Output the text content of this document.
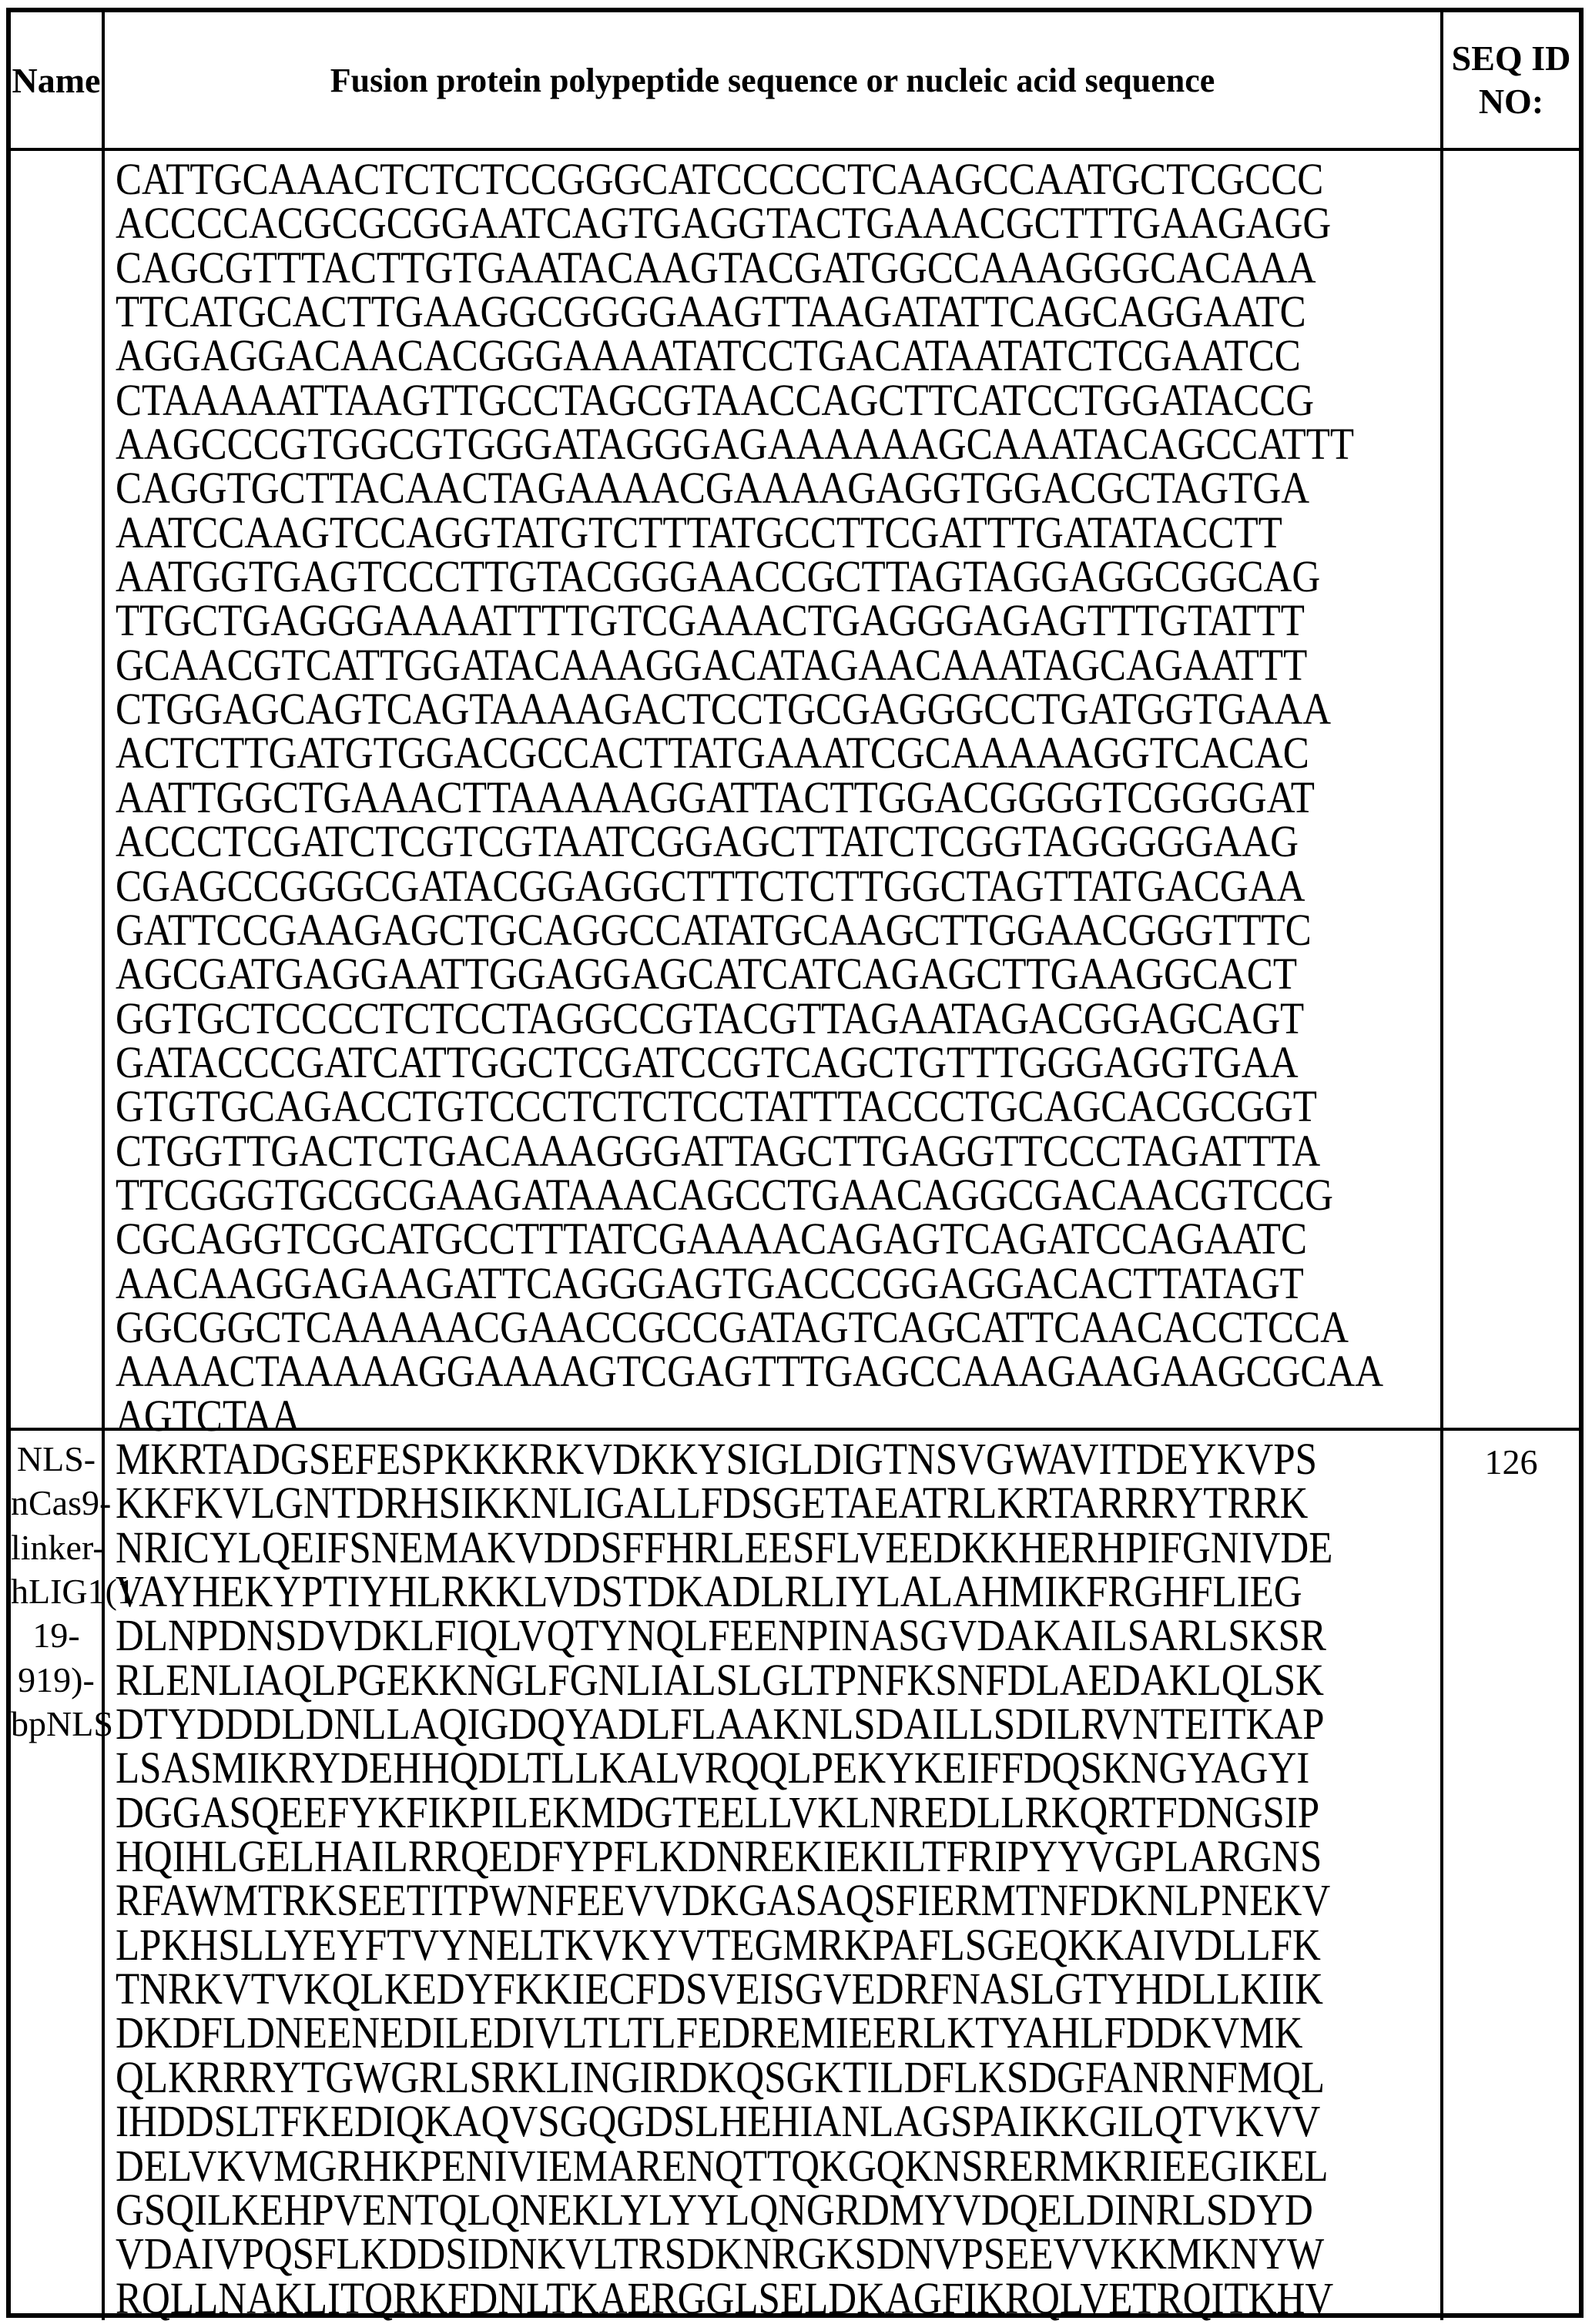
Name	Fusion protein polypeptide sequence or nucleic acid sequence
SEQ ID NO:
CATTGCAAACTCTCTCCGGGCATCCCCCTCAAGCCAATGCTCGCCC
ACCCCACGCGCGGAATCAGTGAGGTACTGAAACGCTTTGAAGAGG
CAGCGTTTACTTGTGAATACAAGTACGATGGCCAAAGGGCACAAA
TTCATGCACTTGAAGGCGGGGAAGTTAAGATATTCAGCAGGAATC
AGGAGGACAACACGGGAAAATATCCTGACATAATATCTCGAATCC
CTAAAAATTAAGTTGCCTAGCGTAACCAGCTTCATCCTGGATACCG
AAGCCCGTGGCGTGGGATAGGGAGAAAAAAGCAAATACAGCCATTT
CAGGTGCTTACAACTAGAAAACGAAAAGAGGTGGACGCTAGTGA
AATCCAAGTCCAGGTATGTCTTTATGCCTTCGATTTGATATACCTT
AATGGTGAGTCCCTTGTACGGGAACCGCTTAGTAGGAGGCGGCAG
TTGCTGAGGGAAAATTTTGTCGAAACTGAGGGAGAGTTTGTATTT
GCAACGTCATTGGATACAAAGGACATAGAACAAATAGCAGAATTT
CTGGAGCAGTCAGTAAAAGACTCCTGCGAGGGCCTGATGGTGAAA
ACTCTTGATGTGGACGCCACTTATGAAATCGCAAAAAGGTCACAC
AATTGGCTGAAACTTAAAAAGGATTACTTGGACGGGGTCGGGGAT
ACCCTCGATCTCGTCGTAATCGGAGCTTATCTCGGTAGGGGGAAG
CGAGCCGGGCGATACGGAGGCTTTCTCTTGGCTAGTTATGACGAA
GATTCCGAAGAGCTGCAGGCCATATGCAAGCTTGGAACGGGTTTC
AGCGATGAGGAATTGGAGGAGCATCATCAGAGCTTGAAGGCACT
GGTGCTCCCCTCTCCTAGGCCGTACGTTAGAATAGACGGAGCAGT
GATACCCGATCATTGGCTCGATCCGTCAGCTGTTTGGGAGGTGAA
GTGTGCAGACCTGTCCCTCTCTCCTATTTACCCTGCAGCACGCGGT
CTGGTTGACTCTGACAAAGGGATTAGCTTGAGGTTCCCTAGATTTA
TTCGGGTGCGCGAAGATAAACAGCCTGAACAGGCGACAACGTCCG
CGCAGGTCGCATGCCTTTATCGAAAACAGAGTCAGATCCAGAATC
AACAAGGAGAAGATTCAGGGAGTGACCCGGAGGACACTTATAGT
GGCGGCTCAAAAACGAACCGCCGATAGTCAGCATTCAACACCTCCA
AAAACTAAAAAGGAAAAGTCGAGTTTGAGCCAAAGAAGAAGCGCAA
AGTCTAA
NLS-
nCas9-
linker-
hLIG1(1
19-919)-
bpNLS
MKRTADGSEFESPKKKRKVDKKYSIGLDIGTNSVGWAVITDEYKVPS
KKFKVLGNTDRHSIKKNLIGALLFDSGETAEATRLKRTARRRYTRRK
NRICYLQEIFSNEMAKVDDSFFHRLEESFLVEEDKKHERHPIFGNIVDE
VAYHEKYPTIYHLRKKLVDSTDKADLRLIYLALAHMIKFRGHFLIEG
DLNPDNSDVDKLFIQLVQTYNQLFEENPINASGVDAKAILSARLSKSR
RLENLIAQLPGEKKNGLFGNLIALSLGLTPNFKSNFDLAEDAKLQLSK
DTYDDDLDNLLAQIGDQYADLFLAAKNLSDAILLSDILRVNTEITKAP
LSASMIKRYDEHHQDLTLLKALVRQQLPEKYKEIFFDQSKNGYAGYI
DGGASQEEFYKFIKPILEKMDGTEELLVKLNREDLLRKQRTFDNGSIP
HQIHLGELHAILRRQEDFYPFLKDNREKIEKILTFRIPYYVGPLARGNS
RFAWMTRKSEETITPWNFEEVVDKGASAQSFIERMTNFDKNLPNEKV
LPKHSLLYEYFTVYNELTKVKYVTEGMRKPAFLSGEQKKAIVDLLFK
TNRKVTVKQLKEDYFKKIECFDSVEISGVEDRFNASLGTYHDLLKIIK
DKDFLDNEENEDILEDIVLTLTLFEDREMIEERLKTYAHLFDDKVMK
QLKRRRYTGWGRLSRKLINGIRDKQSGKTILDFLKSDGFANRNFMQL
IHDDSLTFKEDIQKAQVSGQGDSLHEHIANLAGSPAIKKGILQTVKVV
DELVKVMGRHKPENIVIEMARENQTTQKGQKNSRERMKRIEEGIKEL
GSQILKEHPVENTQLQNEKLYLYYLQNGRDMYVDQELDINRLSDYD
VDAIVPQSFLKDDSIDNKVLTRSDKNRGKSDNVPSEEVVKKMKNYW
RQLLNAKLITQRKFDNLTKAERGGLSELDKAGFIKRQLVETRQITKHV
126
